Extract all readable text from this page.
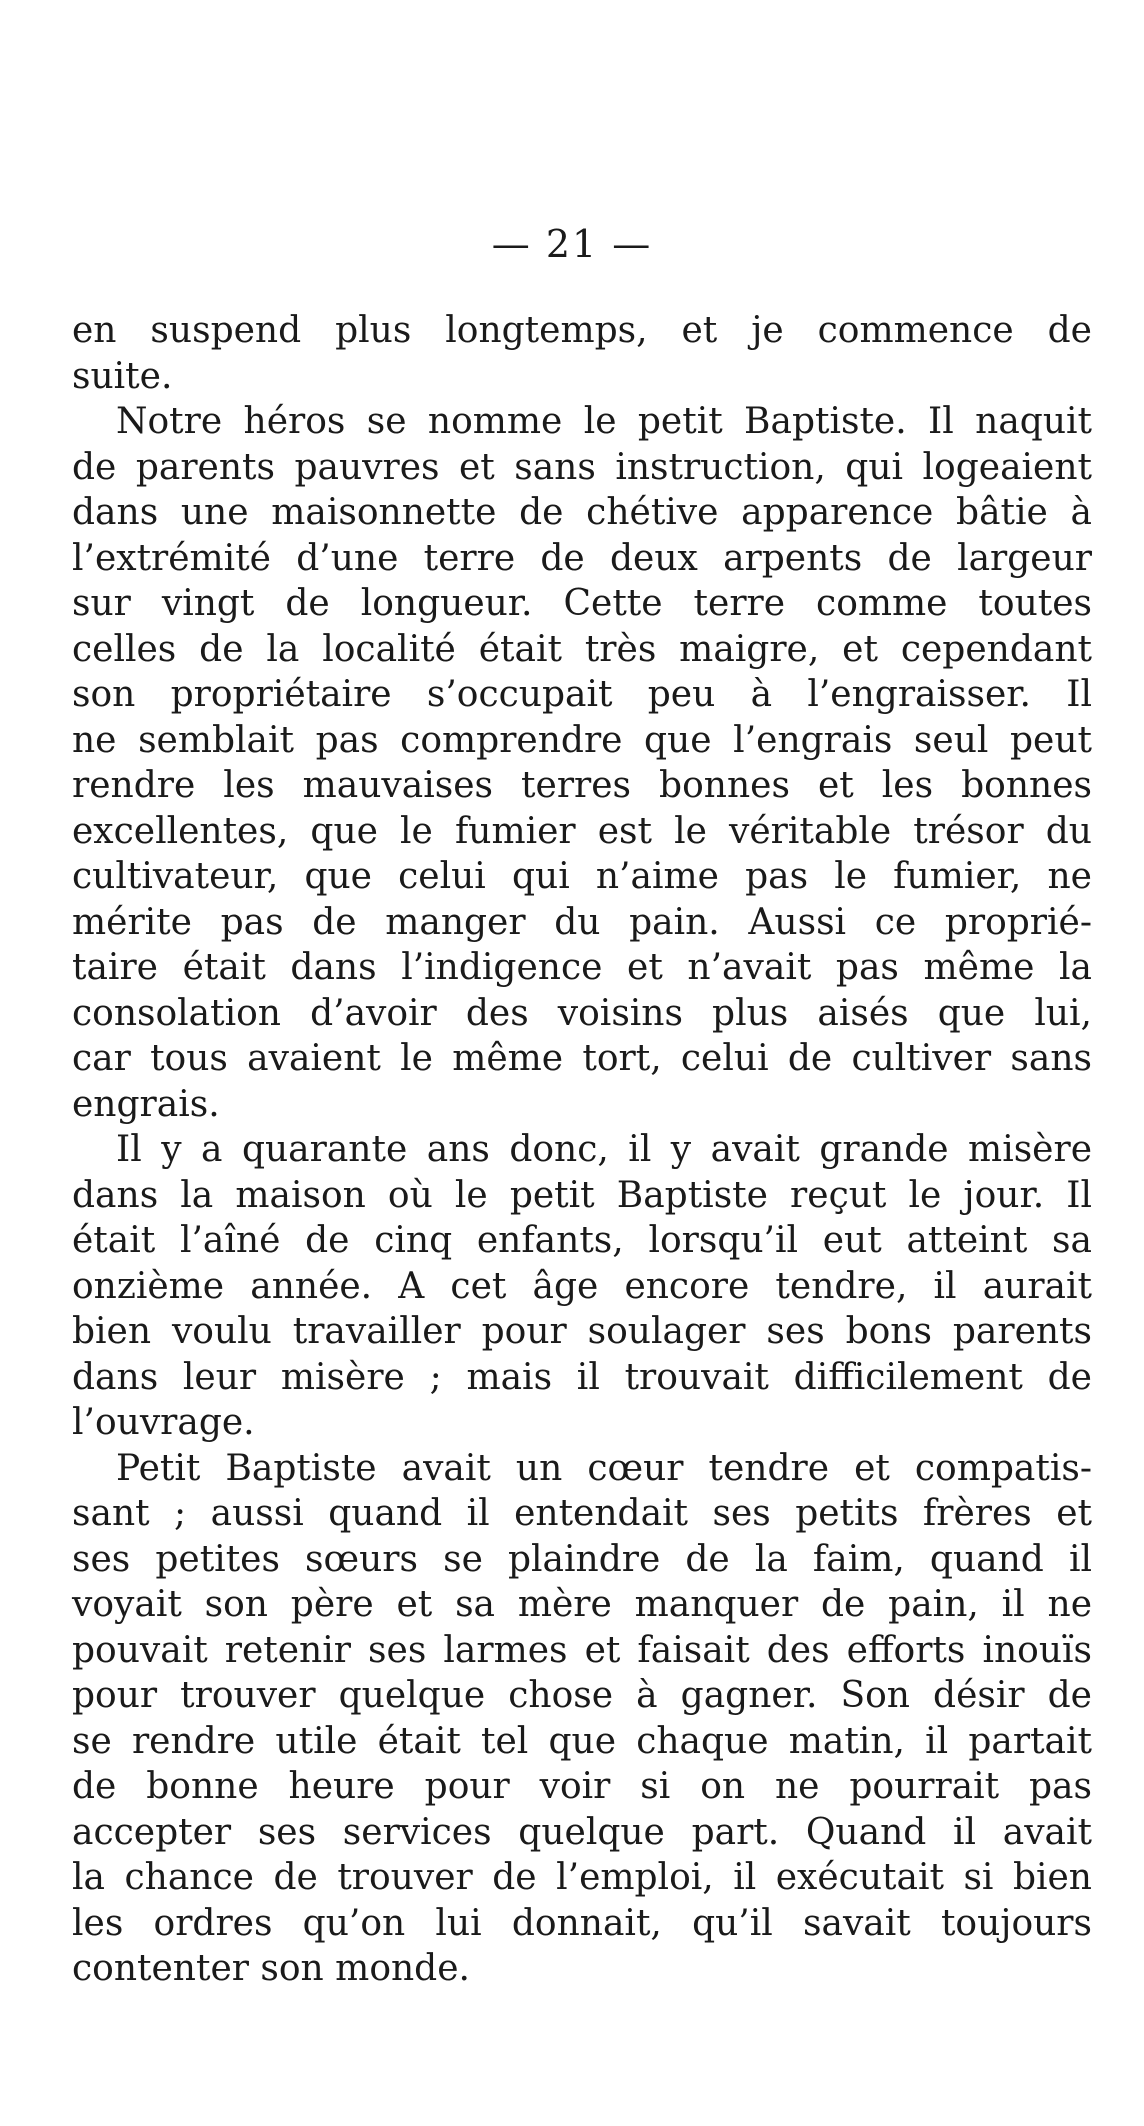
— 21 —
en suspend plus longtemps, et je commence de
suite.
Notre héros se nomme le petit Baptiste. Il naquit
de parents pauvres et sans instruction, qui logeaient
dans une maisonnette de chétive apparence bâtie à
l’extrémité d’une terre de deux arpents de largeur
sur vingt de longueur. Cette terre comme toutes
celles de la localité était très maigre, et cependant
son propriétaire s’occupait peu à l’engraisser. Il
ne semblait pas comprendre que l’engrais seul peut
rendre les mauvaises terres bonnes et les bonnes
excellentes, que le fumier est le véritable trésor du
cultivateur, que celui qui n’aime pas le fumier, ne
mérite pas de manger du pain. Aussi ce proprié-
taire était dans l’indigence et n’avait pas même la
consolation d’avoir des voisins plus aisés que lui,
car tous avaient le même tort, celui de cultiver sans
engrais.
Il y a quarante ans donc, il y avait grande misère
dans la maison où le petit Baptiste reçut le jour. Il
était l’aîné de cinq enfants, lorsqu’il eut atteint sa
onzième année. A cet âge encore tendre, il aurait
bien voulu travailler pour soulager ses bons parents
dans leur misère ; mais il trouvait difficilement de
l’ouvrage.
Petit Baptiste avait un cœur tendre et compatis-
sant ; aussi quand il entendait ses petits frères et
ses petites sœurs se plaindre de la faim, quand il
voyait son père et sa mère manquer de pain, il ne
pouvait retenir ses larmes et faisait des efforts inouïs
pour trouver quelque chose à gagner. Son désir de
se rendre utile était tel que chaque matin, il partait
de bonne heure pour voir si on ne pourrait pas
accepter ses services quelque part. Quand il avait
la chance de trouver de l’emploi, il exécutait si bien
les ordres qu’on lui donnait, qu’il savait toujours
contenter son monde.
